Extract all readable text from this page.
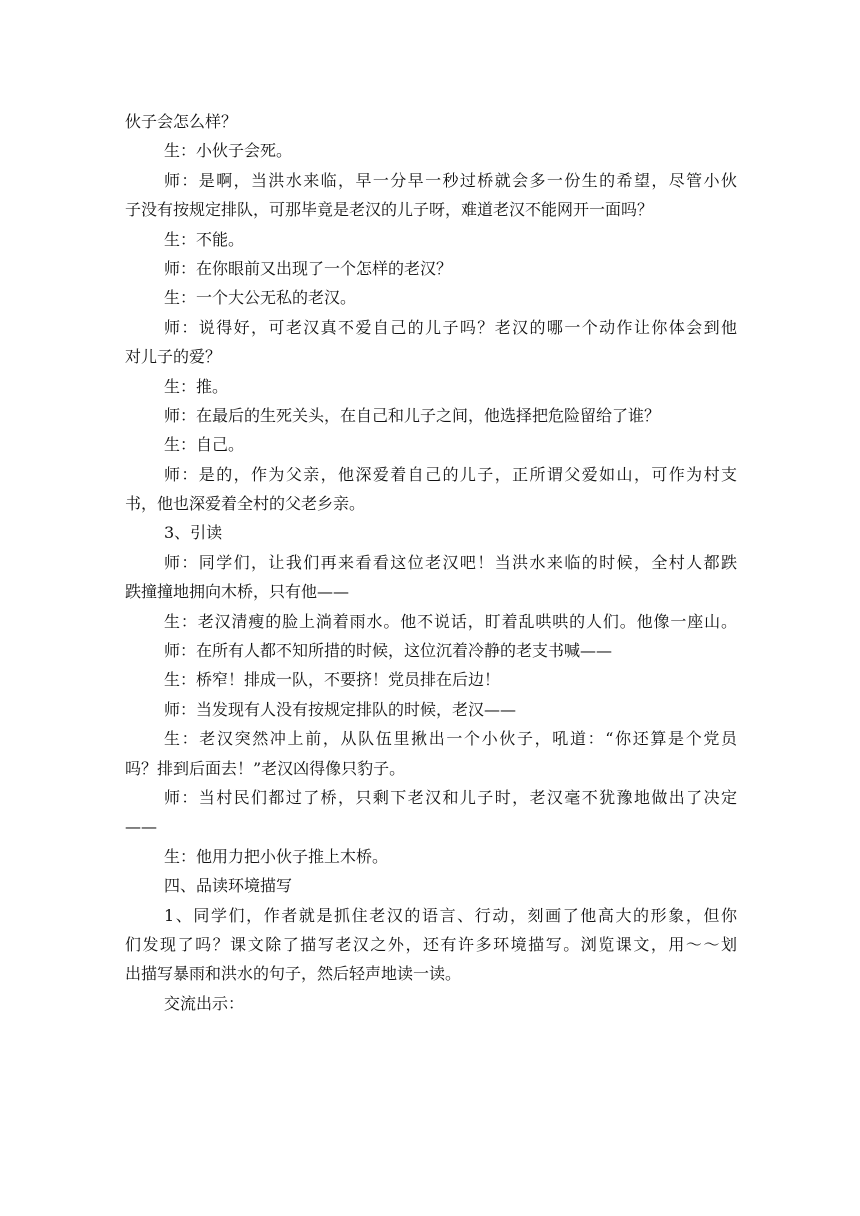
伙子会怎么样？
生：小伙子会死。
师：是啊，当洪水来临，早一分早一秒过桥就会多一份生的希望，尽管小伙
子没有按规定排队，可那毕竟是老汉的儿子呀，难道老汉不能网开一面吗？
生：不能。
师：在你眼前又出现了一个怎样的老汉？
生：一个大公无私的老汉。
师：说得好，可老汉真不爱自己的儿子吗？老汉的哪一个动作让你体会到他
对儿子的爱？
生：推。
师：在最后的生死关头，在自己和儿子之间，他选择把危险留给了谁？
生：自己。
师：是的，作为父亲，他深爱着自己的儿子，正所谓父爱如山，可作为村支
书，他也深爱着全村的父老乡亲。
3、引读
师：同学们，让我们再来看看这位老汉吧！当洪水来临的时候，全村人都跌
跌撞撞地拥向木桥，只有他——
生：老汉清瘦的脸上淌着雨水。他不说话，盯着乱哄哄的人们。他像一座山。
师：在所有人都不知所措的时候，这位沉着冷静的老支书喊——
生：桥窄！排成一队，不要挤！党员排在后边！
师：当发现有人没有按规定排队的时候，老汉——
生：老汉突然冲上前，从队伍里揪出一个小伙子，吼道：“你还算是个党员
吗？排到后面去！”老汉凶得像只豹子。
师：当村民们都过了桥，只剩下老汉和儿子时，老汉毫不犹豫地做出了决定
——
生：他用力把小伙子推上木桥。
四、品读环境描写
1、同学们，作者就是抓住老汉的语言、行动，刻画了他高大的形象，但你
们发现了吗？课文除了描写老汉之外，还有许多环境描写。浏览课文，用～～划
出描写暴雨和洪水的句子，然后轻声地读一读。
交流出示：
